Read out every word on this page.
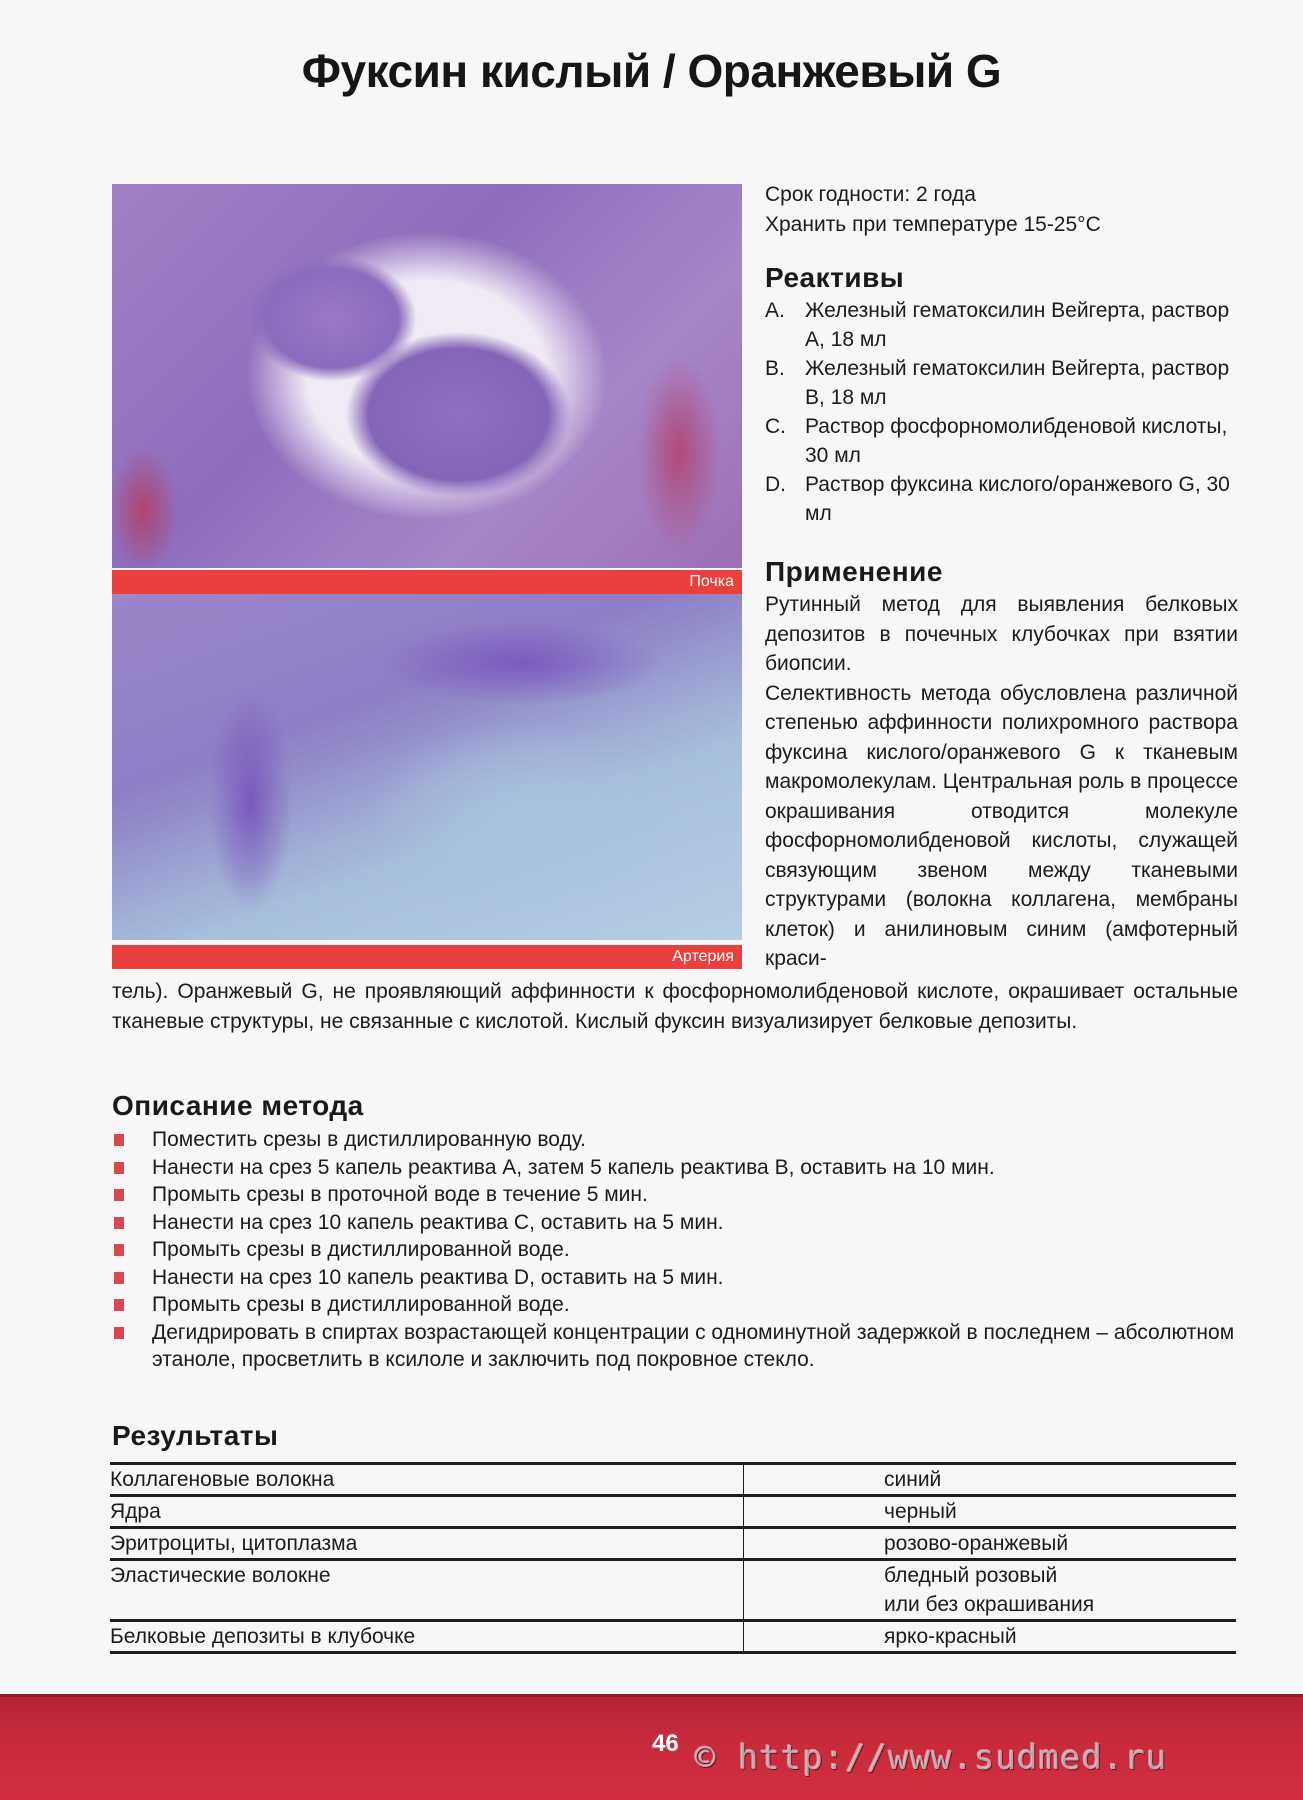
Фуксин кислый / Оранжевый G
Почка
Артерия
Срок годности: 2 года
Хранить при температуре 15-25°C
Реактивы
A. Железный гематоксилин Вейгерта, раствор A, 18 мл
B. Железный гематоксилин Вейгерта, раствор B, 18 мл
C. Раствор фосфорномолибденовой кислоты, 30 мл
D. Раствор фуксина кислого/оранжевого G, 30 мл
Применение

Рутинный метод для выявления белковых депозитов в почечных клубочках при взятии биопсии.

Селективность метода обусловлена различной степенью аффинности полихромного раствора фуксина кислого/оранжевого G к тканевым макромолекулам. Центральная роль в процессе окрашивания отводится молекуле фосфорномолибденовой кислоты, служащей связующим звеном между тканевыми структурами (волокна коллагена, мембраны клеток) и анилиновым синим (амфотерный краси-

тель). Оранжевый G, не проявляющий аффинности к фосфорномолибденовой кислоте, окрашивает остальные тканевые структуры, не связанные с кислотой. Кислый фуксин визуализирует белковые депозиты.
Описание метода
Поместить срезы в дистиллированную воду.
Нанести на срез 5 капель реактива A, затем 5 капель реактива B, оставить на 10 мин.
Промыть срезы в проточной воде в течение 5 мин.
Нанести на срез 10 капель реактива C, оставить на 5 мин.
Промыть срезы в дистиллированной воде.
Нанести на срез 10 капель реактива D, оставить на 5 мин.
Промыть срезы в дистиллированной воде.
Дегидрировать в спиртах возрастающей концентрации с одноминутной задержкой в последнем – абсолютном этаноле, просветлить в ксилоле и заключить под покровное стекло.
Результаты
Коллагеновые волокна	синий
Ядра	черный
Эритроциты, цитоплазма	розово-оранжевый
Эластические волокне	бледный розовый
или без окрашивания
Белковые депозиты в клубочке	ярко-красный
46 © http://www.sudmed.ru
